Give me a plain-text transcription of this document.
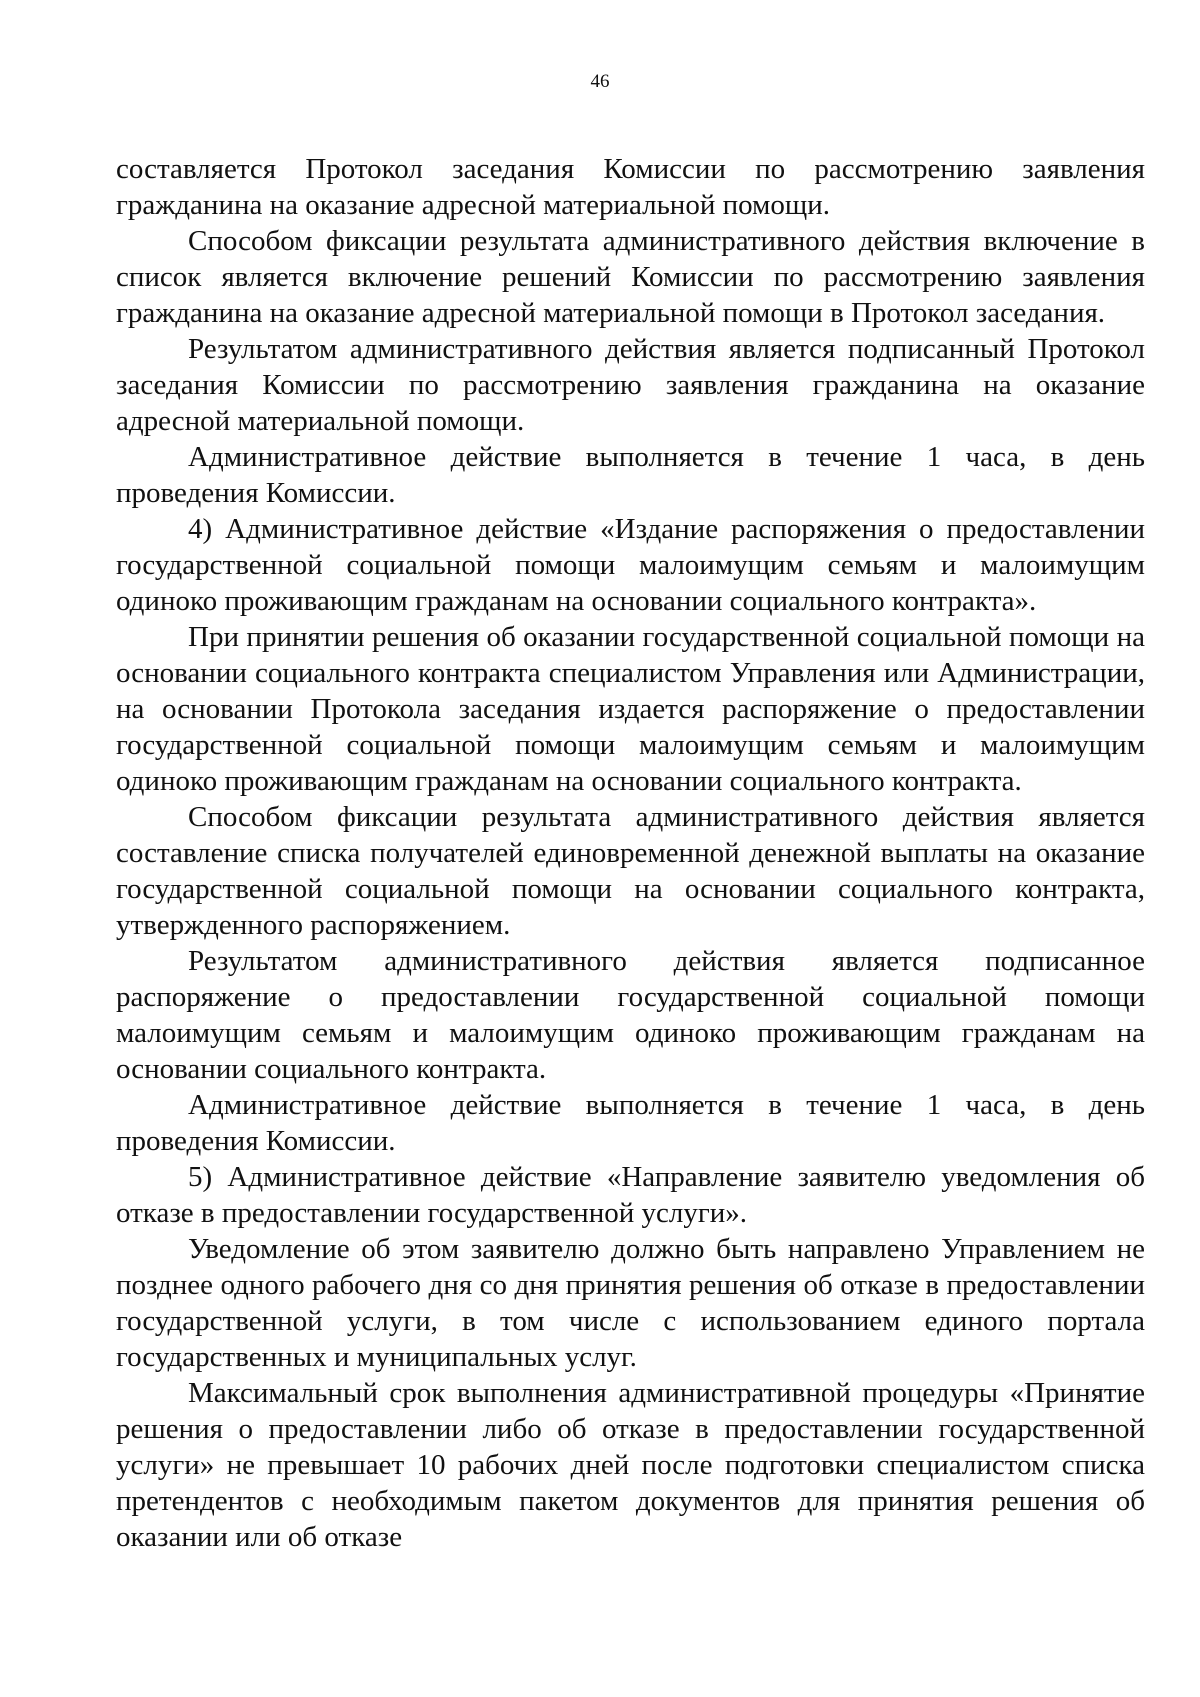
46

составляется Протокол заседания Комиссии по рассмотрению заявления гражданина на оказание адресной материальной помощи.

Способом фиксации результата административного действия включение в список является включение решений Комиссии по рассмотрению заявления гражданина на оказание адресной материальной помощи в Протокол заседания.

Результатом административного действия является подписанный Протокол заседания Комиссии по рассмотрению заявления гражданина на оказание адресной материальной помощи.

Административное действие выполняется в течение 1 часа, в день проведения Комиссии.

4) Административное действие «Издание распоряжения о предоставлении государственной социальной помощи малоимущим семьям и малоимущим одиноко проживающим гражданам на основании социального контракта».

При принятии решения об оказании государственной социальной помощи на основании социального контракта специалистом Управления или Администрации, на основании Протокола заседания издается распоряжение о предоставлении государственной социальной помощи малоимущим семьям и малоимущим одиноко проживающим гражданам на основании социального контракта.

Способом фиксации результата административного действия является составление списка получателей единовременной денежной выплаты на оказание государственной социальной помощи на основании социального контракта, утвержденного распоряжением.

Результатом административного действия является подписанное распоряжение о предоставлении государственной социальной помощи малоимущим семьям и малоимущим одиноко проживающим гражданам на основании социального контракта.

Административное действие выполняется в течение 1 часа, в день проведения Комиссии.

5) Административное действие «Направление заявителю уведомления об отказе в предоставлении государственной услуги».

Уведомление об этом заявителю должно быть направлено Управлением не позднее одного рабочего дня со дня принятия решения об отказе в предоставлении государственной услуги, в том числе с использованием единого портала государственных и муниципальных услуг.

Максимальный срок выполнения административной процедуры «Принятие решения о предоставлении либо об отказе в предоставлении государственной услуги» не превышает 10 рабочих дней после подготовки специалистом списка претендентов с необходимым пакетом документов для принятия решения об оказании или об отказе
